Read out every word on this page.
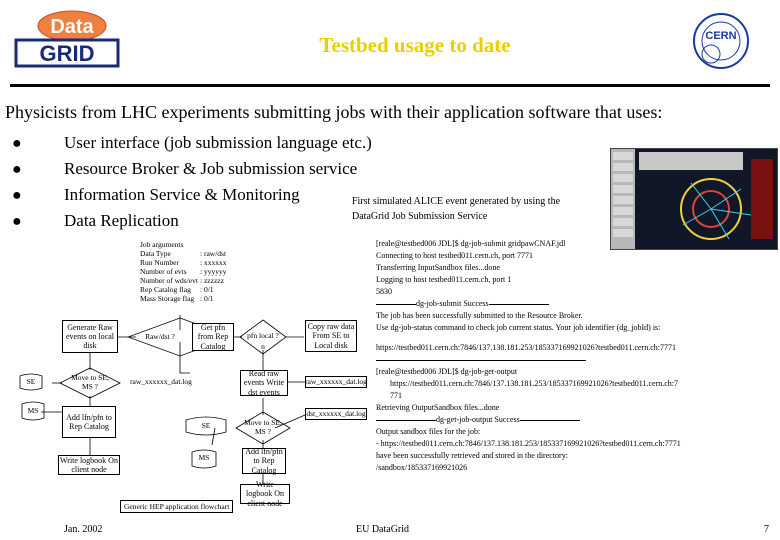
Data
GRID	Testbed usage to date	CERN
Physicists from LHC experiments submitting jobs with their application software that uses:
● User interface (job submission language etc.)
● Resource Broker & Job submission service
● Information Service & Monitoring
● Data Replication
First simulated ALICE event generated by using the
DataGrid Job Submission Service
Job arguments
Data Type	: raw/dst
Run Number	: xxxxxx
Number of evts	: yyyyyy
Number of wds/evt : zzzzzz
Rep Catalog flag	: 0/1
Mass Storage flag : 0/1
Generate Raw events on local disk
Raw/dst ?
Get pfn from Rep Catalog
pfn local ?
n
Copy raw data From SE to Local disk
SE	Move to SE, MS ?
raw_xxxxxx_dat.log
Read raw events Write dst events
raw_xxxxxx_dat.log
MS
Add lfn/pfn to Rep Catalog
dst_xxxxxx_dat.log
SE	Move to SE, MS ?
MS
Add lfn/pfn to Rep Catalog
Write logbook On client node
Write logbook On client node
Generic HEP application flowchart
[reale@testbed006 JDL]$ dg-job-submit gridpawCNAF.jdl
Connecting to host testbed011.cern.ch, port 7771
Transferring InputSandbox files...done
Logging to host testbed011.cern.ch, port 1
5830
dg-job-submit Success
The job has been successfully submitted to the Resource Broker.
Use dg-job-status command to check job current status. Your job identifier (dg_jobId) is:
https://testbed011.cern.ch:7846/137.138.181.253/185337169921026?testbed011.cern.ch:7771
[reale@testbed006 JDL]$ dg-job-get-output
https://testbed011.cern.ch:7846/137.138.181.253/185337169921026?testbed011.cern.ch:7
771
Retrieving OutputSandbox files...done
dg-get-job-output Success
Output sandbox files for the job:
- https://testbed011.cern.ch:7846/137.138.181.253/185337169921026?testbed011.cern.ch:7771
have been successfully retrieved and stored in the directory:
/sandbox/185337169921026
Jan. 2002	EU DataGrid	7
